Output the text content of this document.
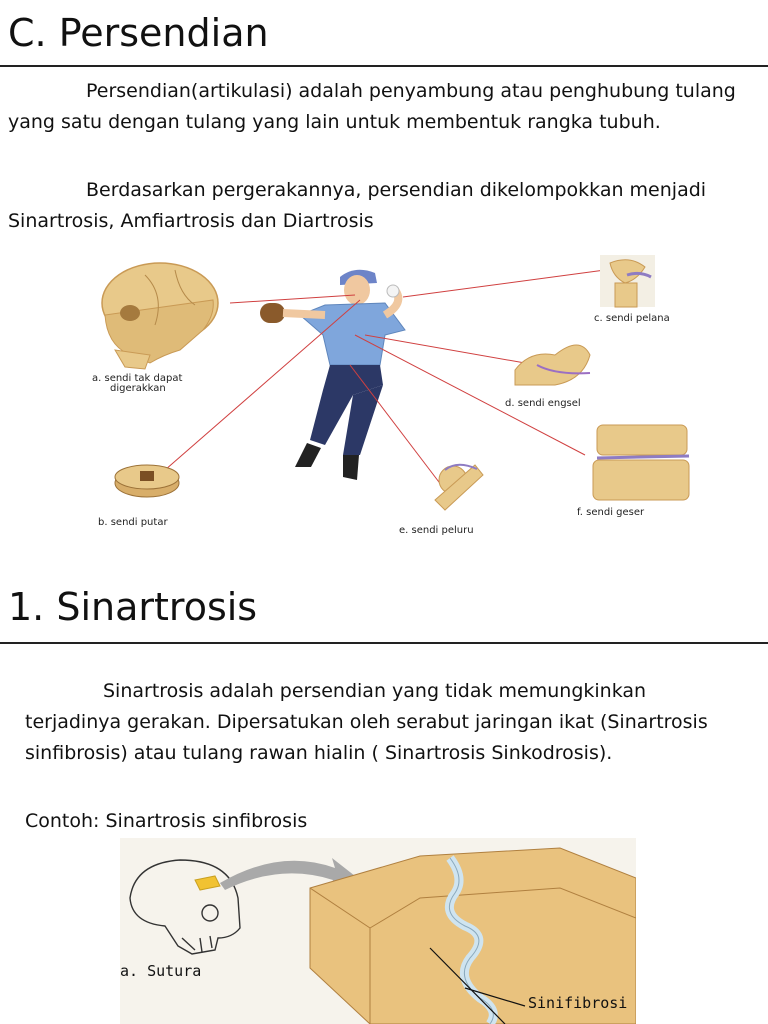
C. Persendian

Persendian(artikulasi) adalah penyambung atau penghubung tulang yang satu dengan tulang yang lain untuk membentuk rangka tubuh.

Berdasarkan pergerakannya, persendian dikelompokkan menjadi Sinartrosis, Amfiartrosis dan Diartrosis

a. sendi tak dapat
digerakkan
b. sendi putar
c. sendi pelana
d. sendi engsel
e. sendi peluru
f. sendi geser
1. Sinartrosis

Sinartrosis adalah persendian yang tidak memungkinkan terjadinya gerakan. Dipersatukan oleh serabut jaringan ikat (Sinartrosis sinfibrosis) atau tulang rawan hialin ( Sinartrosis Sinkodrosis).

Contoh: Sinartrosis sinfibrosis

a. Sutura
Sinifibrosi
